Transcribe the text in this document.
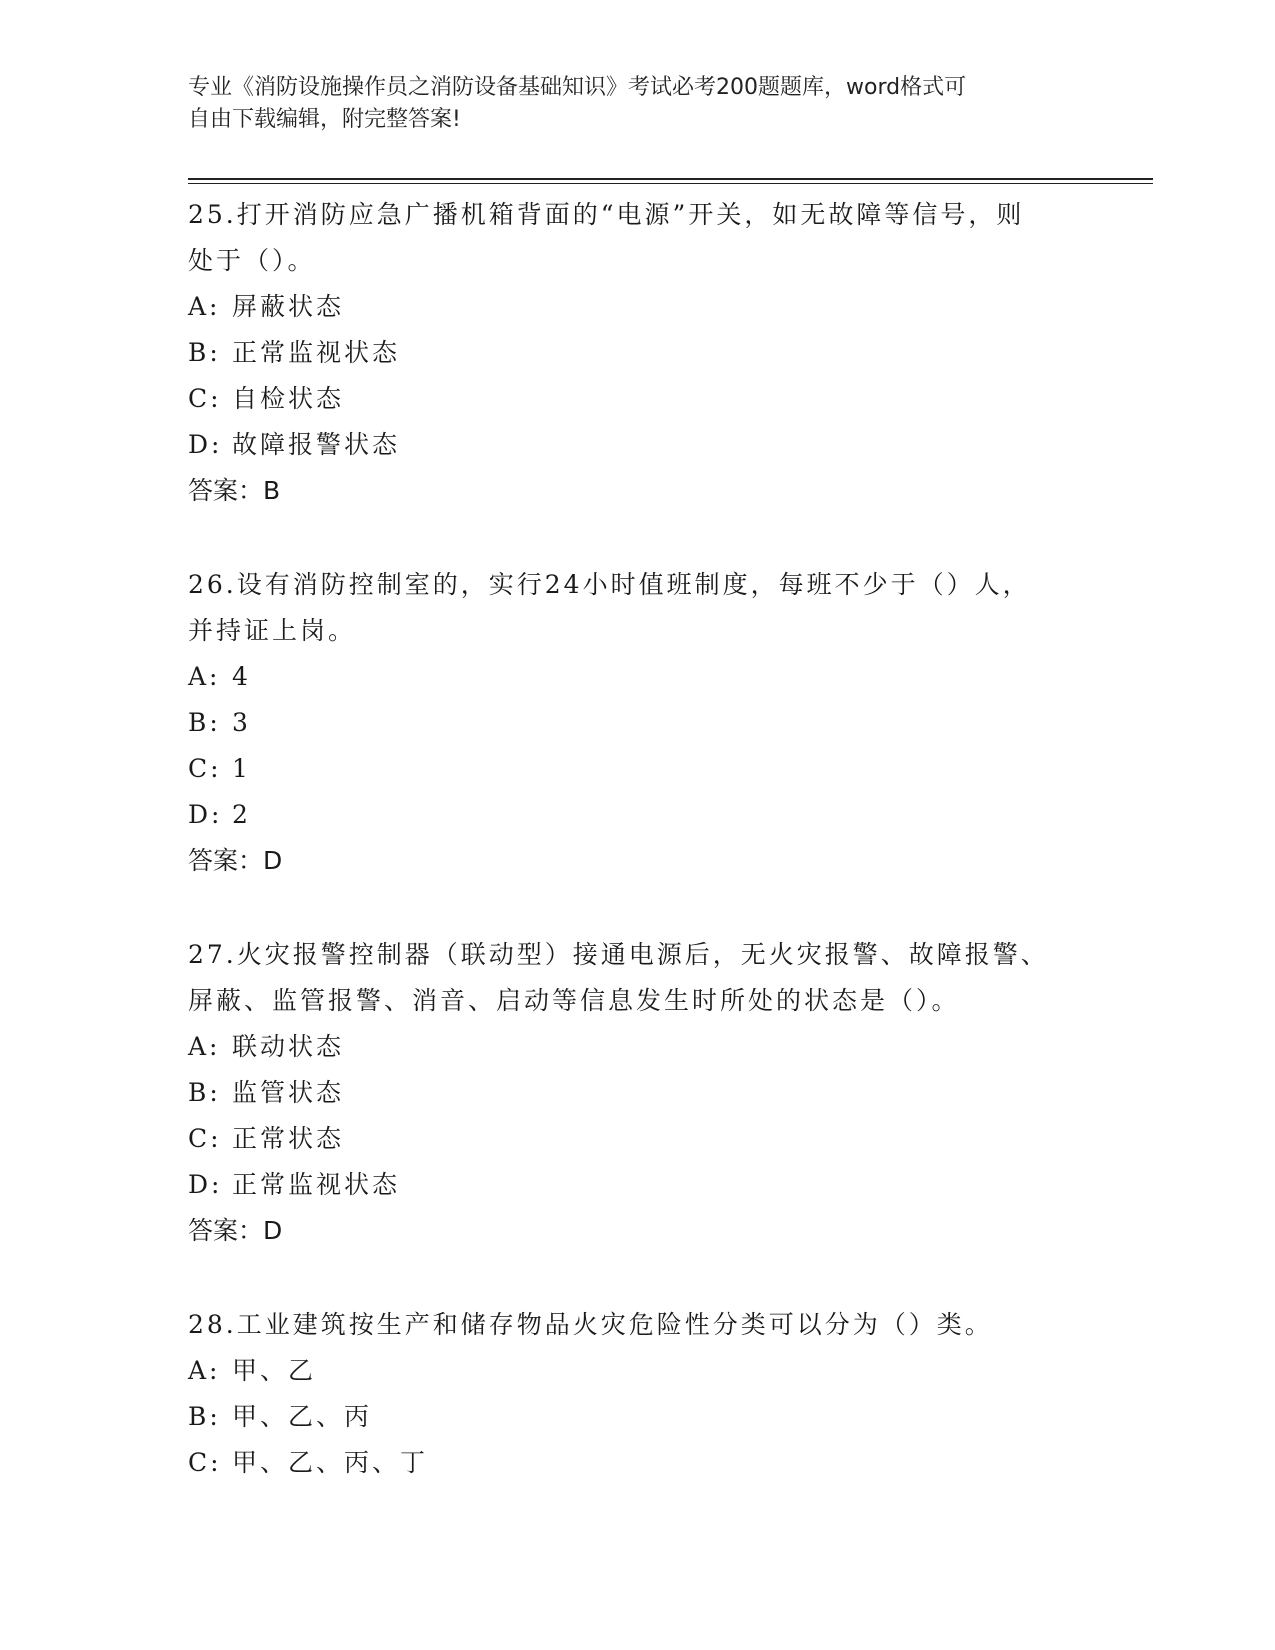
专业《消防设施操作员之消防设备基础知识》考试必考200题题库，word格式可
自由下载编辑，附完整答案!
25.打开消防应急广播机箱背面的“电源”开关，如无故障等信号，则
处于（）。
A: 屏蔽状态
B: 正常监视状态
C: 自检状态
D: 故障报警状态
答案：B
26.设有消防控制室的，实行24小时值班制度，每班不少于（）人，
并持证上岗。
A: 4
B: 3
C: 1
D: 2
答案：D
27.火灾报警控制器（联动型）接通电源后，无火灾报警、故障报警、
屏蔽、监管报警、消音、启动等信息发生时所处的状态是（）。
A: 联动状态
B: 监管状态
C: 正常状态
D: 正常监视状态
答案：D
28.工业建筑按生产和储存物品火灾危险性分类可以分为（）类。
A: 甲、乙
B: 甲、乙、丙
C: 甲、乙、丙、丁
